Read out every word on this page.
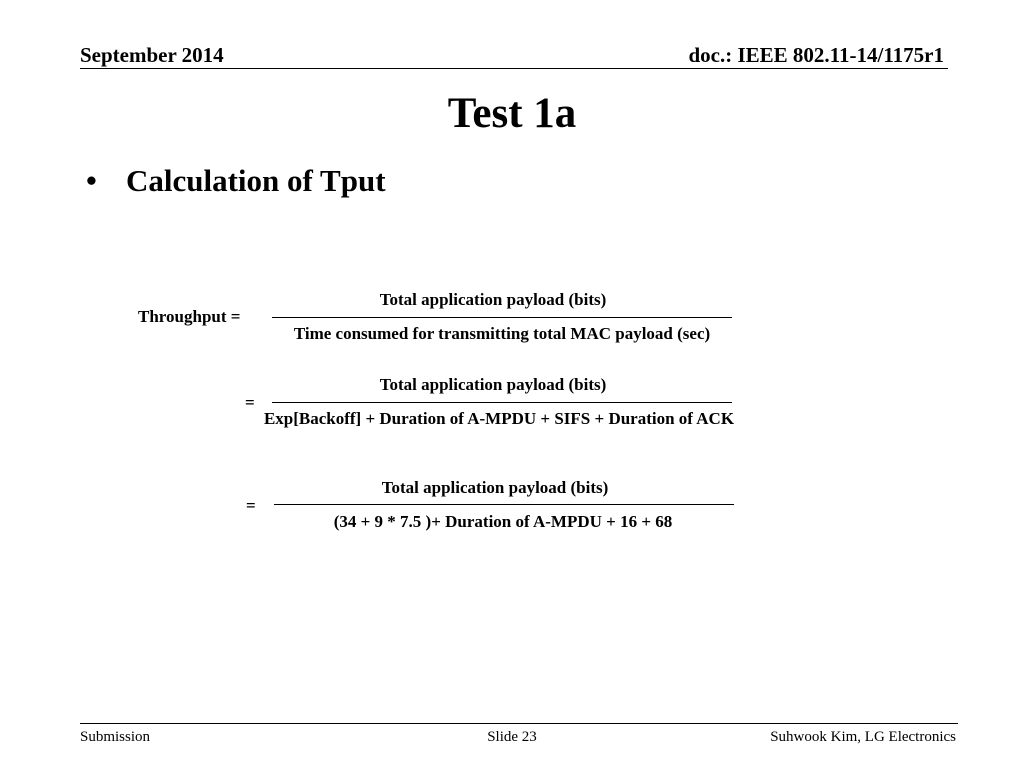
September 2014	doc.: IEEE 802.11-14/1175r1
Test 1a
• Calculation of Tput
Throughput =
Total application payload (bits)
Time consumed for transmitting total MAC payload (sec)
=
Total application payload (bits)
Exp[Backoff] + Duration of A-MPDU + SIFS + Duration of ACK
=
Total application payload (bits)
(34 + 9 * 7.5 )+ Duration of A-MPDU + 16 + 68
Submission	Slide 23	Suhwook Kim, LG Electronics
